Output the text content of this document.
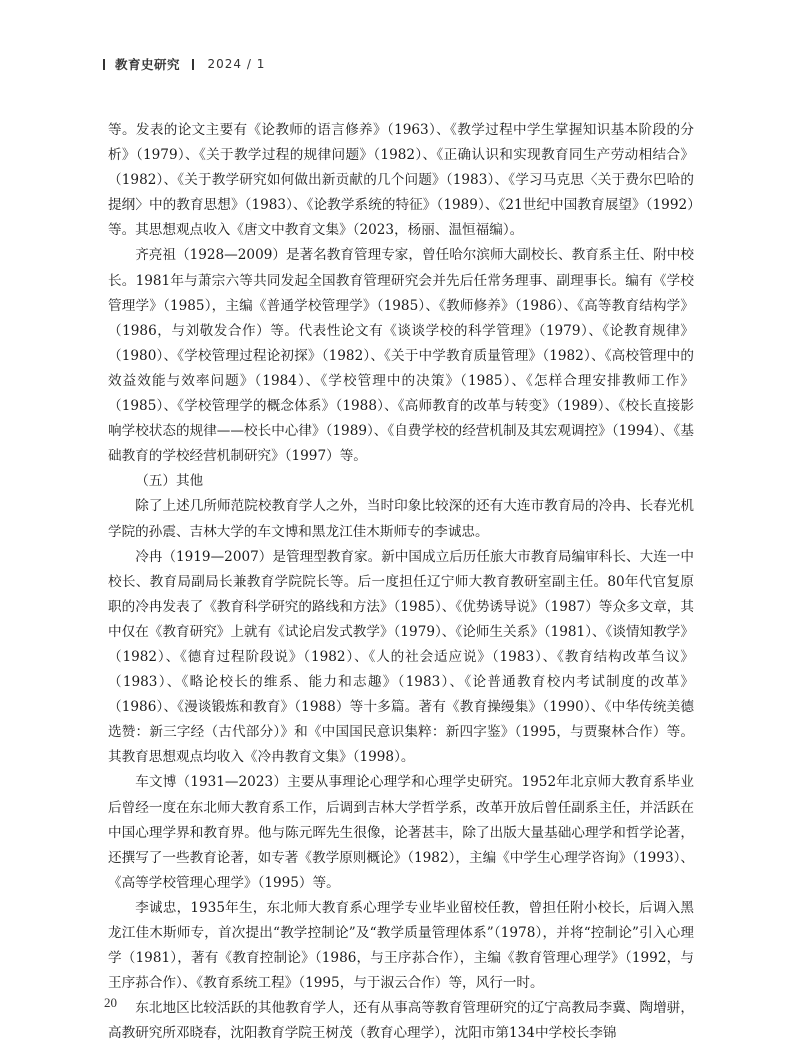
教育史研究 2024 / 1

等。发表的论文主要有《论教师的语言修养》（1963）、《教学过程中学生掌握知识基本阶段的分析》（1979）、《关于教学过程的规律问题》（1982）、《正确认识和实现教育同生产劳动相结合》（1982）、《关于教学研究如何做出新贡献的几个问题》（1983）、《学习马克思〈关于费尔巴哈的提纲〉中的教育思想》（1983）、《论教学系统的特征》（1989）、《21世纪中国教育展望》（1992）等。其思想观点收入《唐文中教育文集》（2023，杨丽、温恒福编）。

齐亮祖（1928—2009）是著名教育管理专家，曾任哈尔滨师大副校长、教育系主任、附中校长。1981年与萧宗六等共同发起全国教育管理研究会并先后任常务理事、副理事长。编有《学校管理学》（1985），主编《普通学校管理学》（1985）、《教师修养》（1986）、《高等教育结构学》（1986，与刘敬发合作）等。代表性论文有《谈谈学校的科学管理》（1979）、《论教育规律》（1980）、《学校管理过程论初探》（1982）、《关于中学教育质量管理》（1982）、《高校管理中的效益效能与效率问题》（1984）、《学校管理中的决策》（1985）、《怎样合理安排教师工作》（1985）、《学校管理学的概念体系》（1988）、《高师教育的改革与转变》（1989）、《校长直接影响学校状态的规律——校长中心律》（1989）、《自费学校的经营机制及其宏观调控》（1994）、《基础教育的学校经营机制研究》（1997）等。

（五）其他

除了上述几所师范院校教育学人之外，当时印象比较深的还有大连市教育局的冷冉、长春光机学院的孙震、吉林大学的车文博和黑龙江佳木斯师专的李诚忠。

冷冉（1919—2007）是管理型教育家。新中国成立后历任旅大市教育局编审科长、大连一中校长、教育局副局长兼教育学院院长等。后一度担任辽宁师大教育教研室副主任。80年代官复原职的冷冉发表了《教育科学研究的路线和方法》（1985）、《优势诱导说》（1987）等众多文章，其中仅在《教育研究》上就有《试论启发式教学》（1979）、《论师生关系》（1981）、《谈情知教学》（1982）、《德育过程阶段说》（1982）、《人的社会适应说》（1983）、《教育结构改革刍议》（1983）、《略论校长的维系、能力和志趣》（1983）、《论普通教育校内考试制度的改革》（1986）、《漫谈锻炼和教育》（1988）等十多篇。著有《教育操缦集》（1990）、《中华传统美德选赞：新三字经（古代部分）》和《中国国民意识集粹：新四字鉴》（1995，与贾聚林合作）等。其教育思想观点均收入《冷冉教育文集》（1998）。

车文博（1931—2023）主要从事理论心理学和心理学史研究。1952年北京师大教育系毕业后曾经一度在东北师大教育系工作，后调到吉林大学哲学系，改革开放后曾任副系主任，并活跃在中国心理学界和教育界。他与陈元晖先生很像，论著甚丰，除了出版大量基础心理学和哲学论著，还撰写了一些教育论著，如专著《教学原则概论》（1982），主编《中学生心理学咨询》（1993）、《高等学校管理心理学》（1995）等。

李诚忠，1935年生，东北师大教育系心理学专业毕业留校任教，曾担任附小校长，后调入黑龙江佳木斯师专，首次提出“教学控制论”及“教学质量管理体系”（1978），并将“控制论”引入心理学（1981），著有《教育控制论》（1986，与王序荪合作），主编《教育管理心理学》（1992，与王序荪合作）、《教育系统工程》（1995，与于淑云合作）等，风行一时。

东北地区比较活跃的其他教育学人，还有从事高等教育管理研究的辽宁高教局李冀、陶增骈，高教研究所邓晓春，沈阳教育学院王树茂（教育心理学），沈阳市第134中学校长李锦

20
